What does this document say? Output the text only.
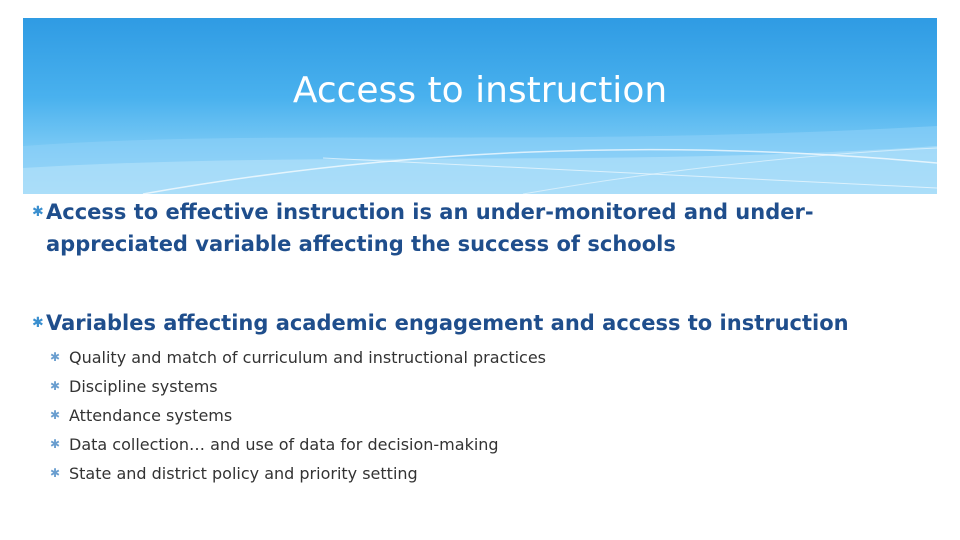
Access to instruction
✱ Access to effective instruction is an under-monitored and under-appreciated variable affecting the success of schools
✱ Variables affecting academic engagement and access to instruction
✱ Quality and match of curriculum and instructional practices
✱ Discipline systems
✱ Attendance systems
✱ Data collection… and use of data for decision-making
✱ State and district policy and priority setting
